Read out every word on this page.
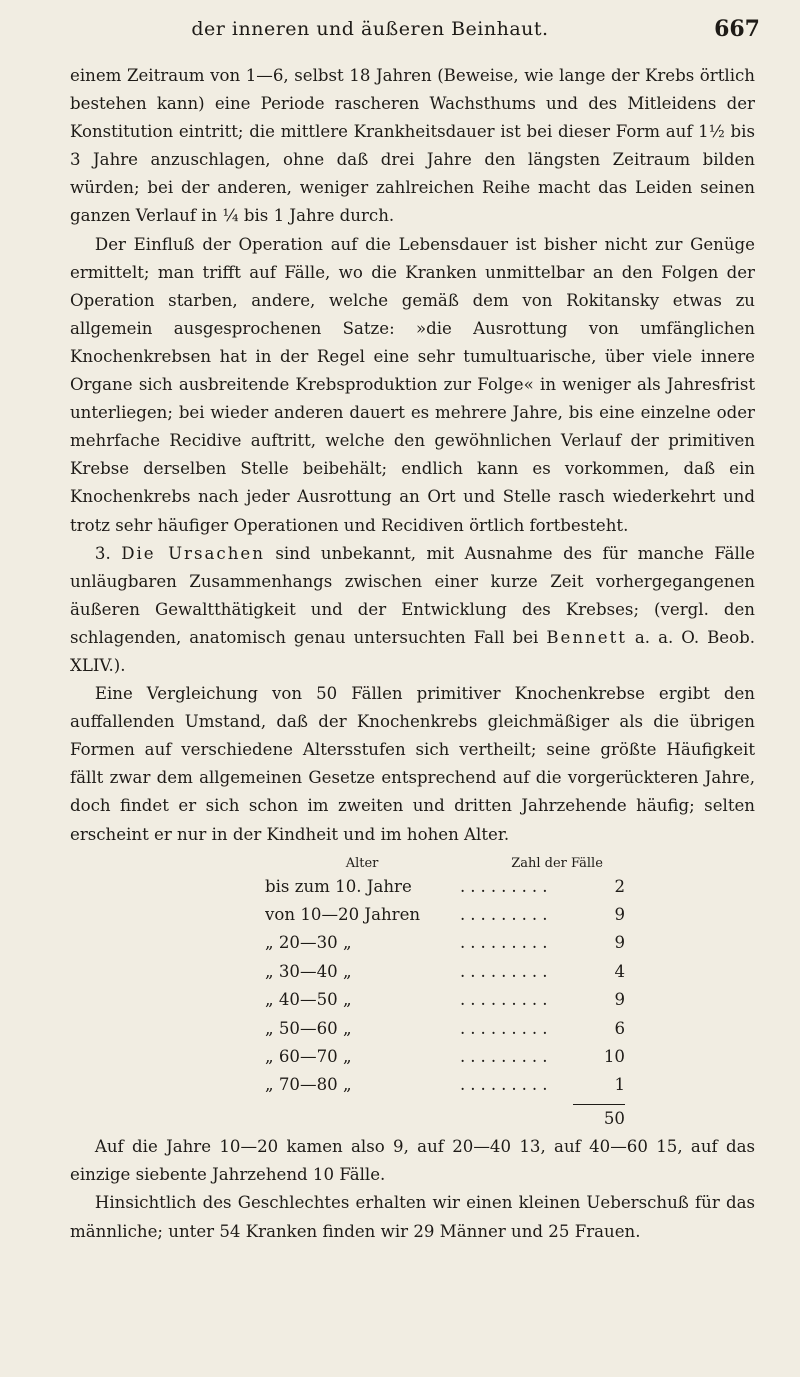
der inneren und äußeren Beinhaut.	667

einem Zeitraum von 1—6, selbst 18 Jahren (Beweise, wie lange der Krebs örtlich bestehen kann) eine Periode rascheren Wachsthums und des Mitleidens der Konstitution eintritt; die mittlere Krankheitsdauer ist bei dieser Form auf 1½ bis 3 Jahre anzuschlagen, ohne daß drei Jahre den längsten Zeitraum bilden würden; bei der anderen, weniger zahlreichen Reihe macht das Leiden seinen ganzen Verlauf in ¼ bis 1 Jahre durch.

Der Einfluß der Operation auf die Lebensdauer ist bisher nicht zur Genüge ermittelt; man trifft auf Fälle, wo die Kranken unmittelbar an den Folgen der Operation starben, andere, welche gemäß dem von Rokitansky etwas zu allgemein ausgesprochenen Satze: »die Ausrottung von umfänglichen Knochenkrebsen hat in der Regel eine sehr tumultuarische, über viele innere Organe sich ausbreitende Krebsproduktion zur Folge« in weniger als Jahresfrist unterliegen; bei wieder anderen dauert es mehrere Jahre, bis eine einzelne oder mehrfache Recidive auftritt, welche den gewöhnlichen Verlauf der primitiven Krebse derselben Stelle beibehält; endlich kann es vorkommen, daß ein Knochenkrebs nach jeder Ausrottung an Ort und Stelle rasch wiederkehrt und trotz sehr häufiger Operationen und Recidiven örtlich fortbesteht.

3. Die Ursachen sind unbekannt, mit Ausnahme des für manche Fälle unläugbaren Zusammenhangs zwischen einer kurze Zeit vorhergegangenen äußeren Gewaltthätigkeit und der Entwicklung des Krebses; (vergl. den schlagenden, anatomisch genau untersuchten Fall bei Bennett a. a. O. Beob. XLIV.).

Eine Vergleichung von 50 Fällen primitiver Knochenkrebse ergibt den auffallenden Umstand, daß der Knochenkrebs gleichmäßiger als die übrigen Formen auf verschiedene Altersstufen sich vertheilt; seine größte Häufigkeit fällt zwar dem allgemeinen Gesetze entsprechend auf die vorgerückteren Jahre, doch findet er sich schon im zweiten und dritten Jahrzehende häufig; selten erscheint er nur in der Kindheit und im hohen Alter.

Alter	Zahl der Fälle
bis zum 10. Jahre	.........	2
von 10—20 Jahren	.........	9
„ 20—30 „	.........	9
„ 30—40 „	.........	4
„ 40—50 „	.........	9
„ 50—60 „	.........	6
„ 60—70 „	.........	10
„ 70—80 „	.........	1
50

Auf die Jahre 10—20 kamen also 9, auf 20—40 13, auf 40—60 15, auf das einzige siebente Jahrzehend 10 Fälle.

Hinsichtlich des Geschlechtes erhalten wir einen kleinen Ueberschuß für das männliche; unter 54 Kranken finden wir 29 Männer und 25 Frauen.
